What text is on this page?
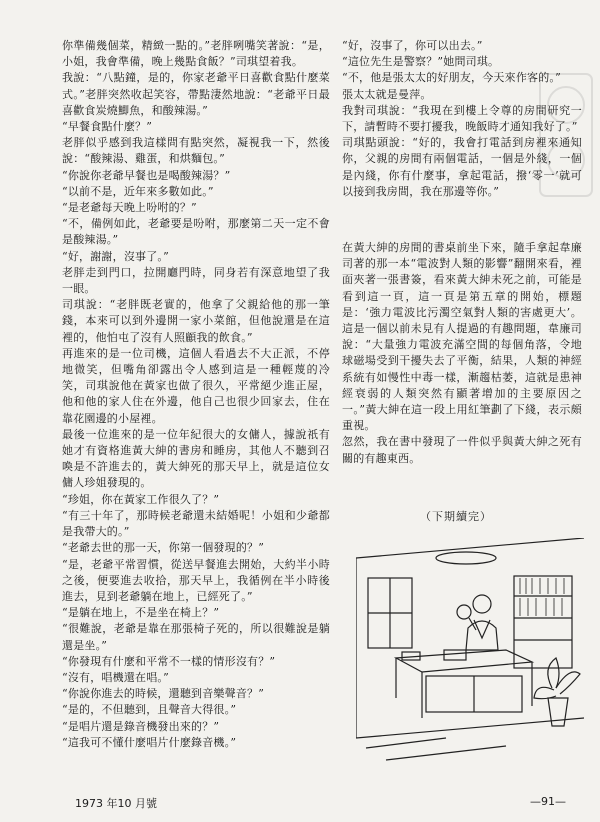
你準備幾個菜，精緻一點的。”老胖咧嘴笑著說：“是，小姐，我會準備，晚上幾點食飯？”司琪望着我。

我說：“八點鐘，是的，你家老爺平日喜歡食點什麼菜式。”老胖突然收起笑容，帶點淒然地說：“老爺平日最喜歡食炭燒鯽魚，和酸辣湯。”

“早餐食點什麼？”

老胖似乎感到我這樣問有點突然，凝視我一下，然後說：“酸辣湯、雞蛋，和烘麵包。”

“你說你老爺早餐也是喝酸辣湯？”

“以前不是，近年來多數如此。”

“是老爺每天晚上吩咐的？”

“不，備例如此，老爺要是吩咐，那麼第二天一定不會是酸辣湯。”

“好，謝謝，沒事了。”

老胖走到門口，拉開廳門時，同身若有深意地望了我一眼。

司琪說：“老胖既老實的，他拿了父親給他的那一筆錢，本來可以到外邊開一家小菜館，但他說還是在這裡的，他怕屯了沒有人照顧我的飲食。”

再進來的是一位司機，這個人看過去不大正派，不停地微笑，但嘴角卻露出令人感到這是一種輕蔑的冷笑，司琪說他在黃家也做了很久，平常絕少進正屋，他和他的家人住在外邊，他自己也很少回家去，住在靠花園邊的小屋裡。

最後一位進來的是一位年紀很大的女傭人，據說祇有她才有資格進黃大紳的書房和睡房，其他人不聽到召喚是不許進去的，黃大紳死的那天早上，就是這位女傭人珍姐發現的。

“珍姐，你在黃家工作很久了？”

“有三十年了，那時候老爺還未結婚呢！小姐和少爺都是我帶大的。”

“老爺去世的那一天，你第一個發現的？”

“是，老爺平常習慣，從送早餐進去開始，大約半小時之後，便要進去收拾，那天早上，我循例在半小時後進去，見到老爺躺在地上，已經死了。”

“是躺在地上，不是坐在椅上？”

“很難說，老爺是靠在那張椅子死的，所以很難說是躺還是坐。”

“你發現有什麼和平常不一樣的情形沒有？”

“沒有，唱機還在唱。”

“你說你進去的時候，還聽到音樂聲音？”

“是的，不但聽到，且聲音大得很。”

“是唱片還是錄音機發出來的？”

“這我可不懂什麼唱片什麼錄音機。”

“好，沒事了，你可以出去。”

“這位先生是警察？”她問司琪。

“不，他是張太太的好朋友，今天來作客的。”

張太太就是曼萍。

我對司琪說：“我現在到樓上令尊的房間研究一下，請暫時不要打擾我，晚飯時才通知我好了。”

司琪點頭說：“好的，我會打電話到房裡來通知你，父親的房間有兩個電話，一個是外綫，一個是內綫，你有什麼事，拿起電話，撥‘零一’就可以接到我房間，我在那邊等你。”

在黃大紳的房間的書桌前坐下來，隨手拿起韋廉司著的那一本“電波對人類的影響”翻開來看，裡面夾著一張書簽，看來黃大紳未死之前，可能是看到這一頁，這一頁是第五章的開始，標題是：‘強力電波比污濁空氣對人類的害處更大’。這是一個以前未見有人提過的有趣問題，韋廉司說：“大量強力電波充滿空間的每個角落，令地球磁場受到干擾失去了平衡，結果，人類的神經系統有如慢性中毒一樣，漸趨枯萎，這就是患神經衰弱的人類突然有顯著增加的主要原因之一。”黃大紳在這一段上用紅筆劃了下綫，表示頗重視。

忽然，我在書中發現了一件似乎與黃大紳之死有關的有趣東西。

（下期續完）
1973 年10 月號	—91—
